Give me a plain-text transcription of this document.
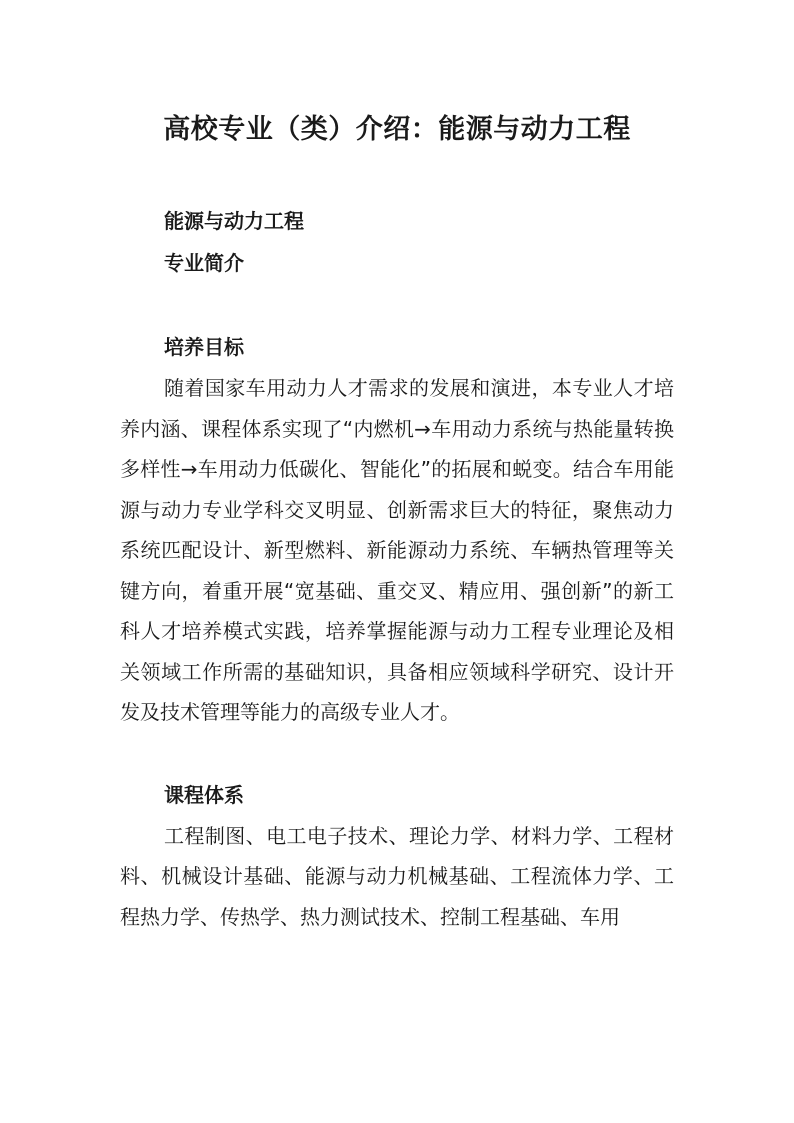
高校专业（类）介绍：能源与动力工程
能源与动力工程
专业简介
培养目标

随着国家车用动力人才需求的发展和演进，本专业人才培养内涵、课程体系实现了“内燃机→车用动力系统与热能量转换多样性→车用动力低碳化、智能化”的拓展和蜕变。结合车用能源与动力专业学科交叉明显、创新需求巨大的特征，聚焦动力系统匹配设计、新型燃料、新能源动力系统、车辆热管理等关键方向，着重开展“宽基础、重交叉、精应用、强创新”的新工科人才培养模式实践，培养掌握能源与动力工程专业理论及相关领域工作所需的基础知识，具备相应领域科学研究、设计开发及技术管理等能力的高级专业人才。

课程体系

工程制图、电工电子技术、理论力学、材料力学、工程材料、机械设计基础、能源与动力机械基础、工程流体力学、工程热力学、传热学、热力测试技术、控制工程基础、车用
